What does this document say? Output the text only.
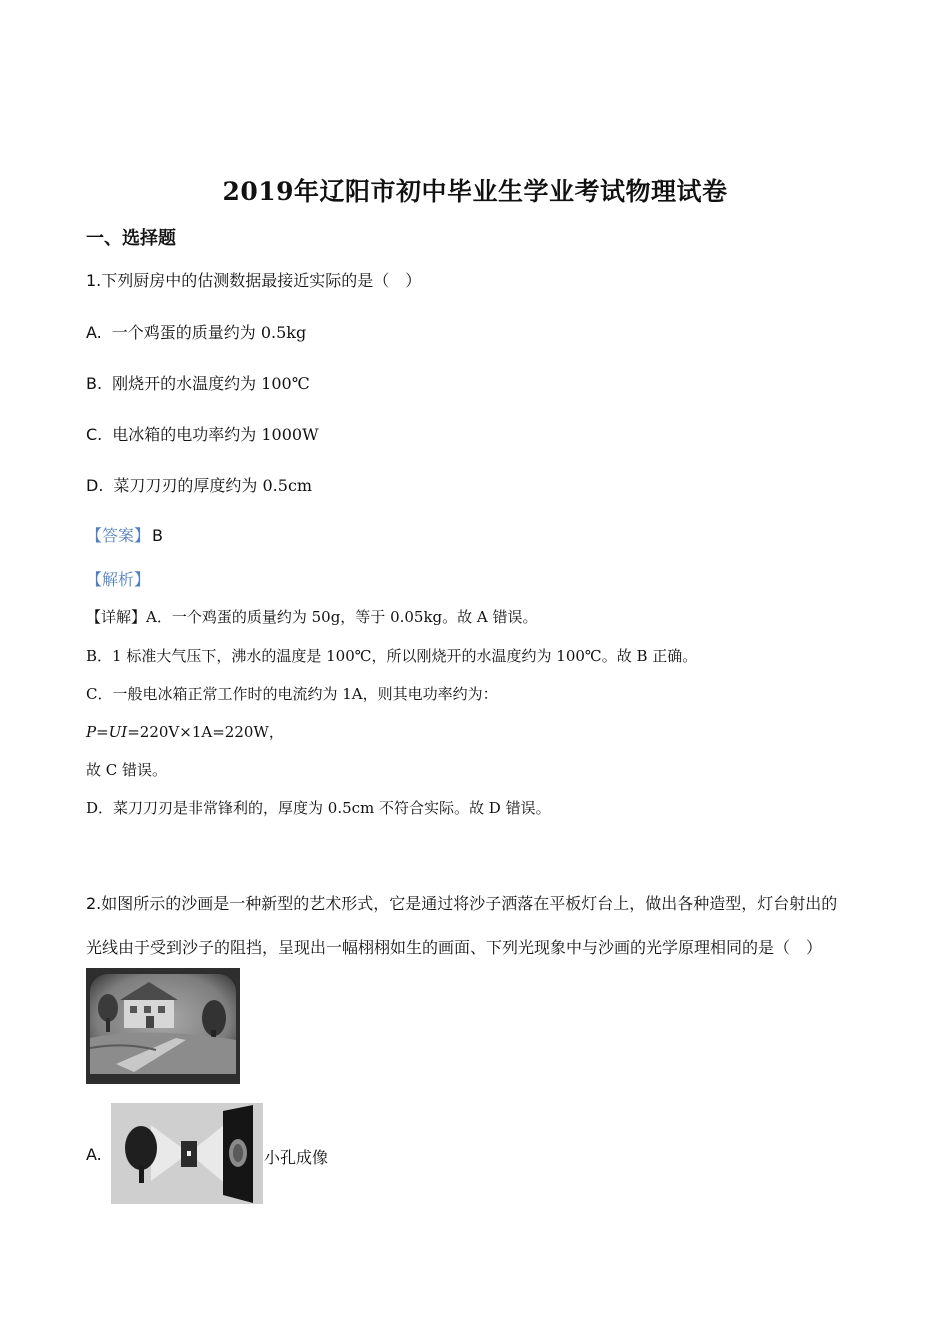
2019年辽阳市初中毕业生学业考试物理试卷
一、选择题
1.下列厨房中的估测数据最接近实际的是（　）
A. 一个鸡蛋的质量约为 0.5kg
B. 刚烧开的水温度约为 100℃
C. 电冰箱的电功率约为 1000W
D. 菜刀刀刃的厚度约为 0.5cm
【答案】 B
【解析】
【详解】A．一个鸡蛋的质量约为 50g，等于 0.05kg。故 A 错误。
B．1 标准大气压下，沸水的温度是 100℃，所以刚烧开的水温度约为 100℃。故 B 正确。
C．一般电冰箱正常工作时的电流约为 1A，则其电功率约为：
P=UI=220V×1A=220W，
故 C 错误。
D．菜刀刀刃是非常锋利的，厚度为 0.5cm 不符合实际。故 D 错误。
2.如图所示的沙画是一种新型的艺术形式，它是通过将沙子洒落在平板灯台上，做出各种造型，灯台射出的
光线由于受到沙子的阻挡，呈现出一幅栩栩如生的画面、下列光现象中与沙画的光学原理相同的是（　）
A.	小孔成像
